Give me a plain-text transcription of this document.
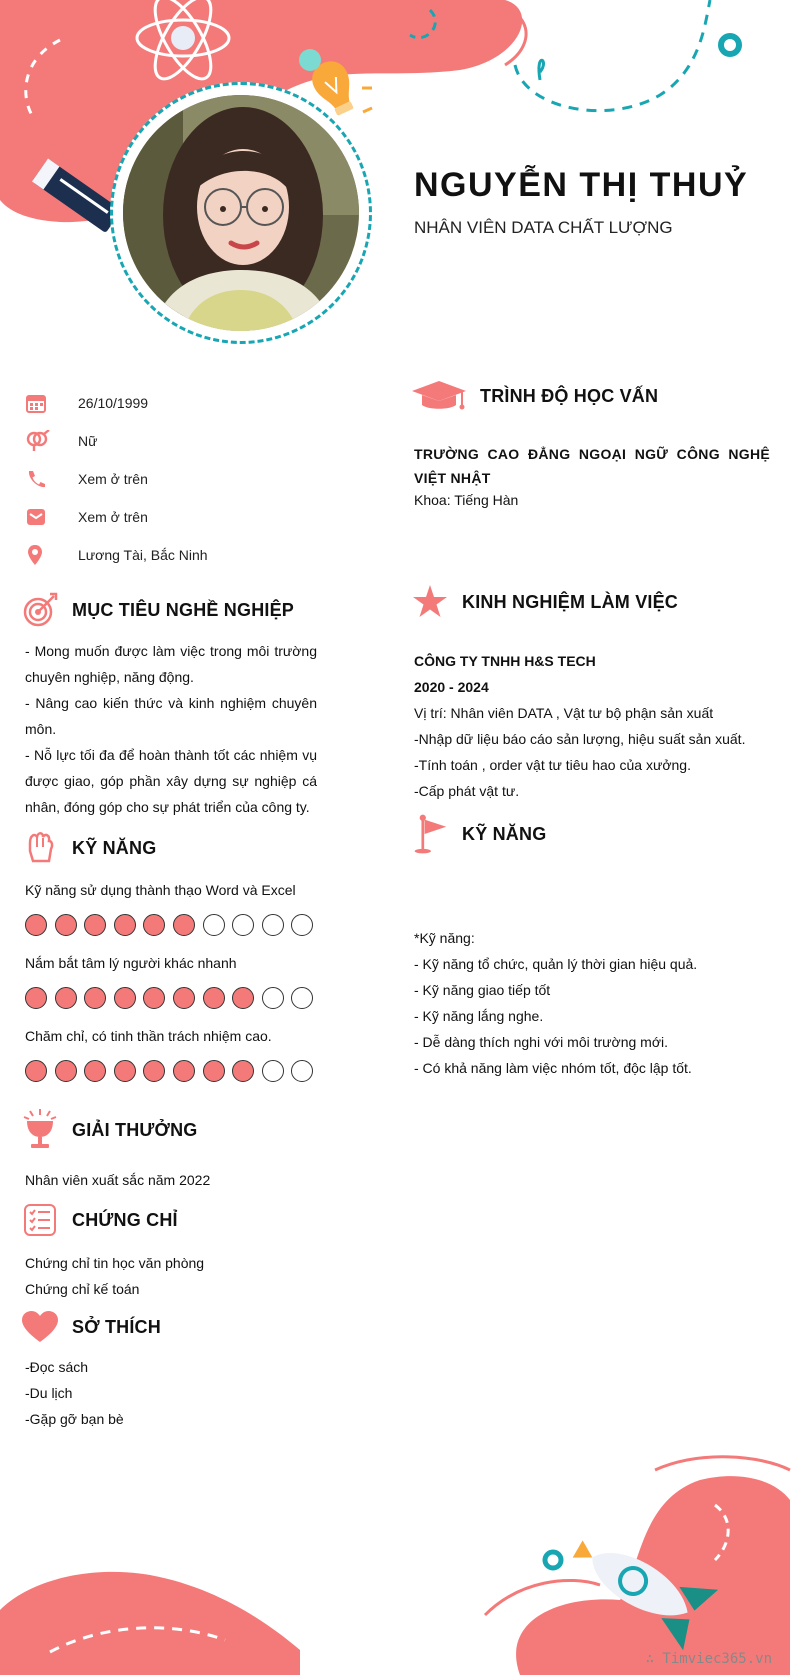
NGUYỄN THỊ THUỶ
NHÂN VIÊN DATA CHẤT LƯỢNG
26/10/1999
Nữ
Xem ở trên
Xem ở trên
Lương Tài, Bắc Ninh
MỤC TIÊU NGHỀ NGHIỆP

- Mong muốn được làm việc trong môi trường chuyên nghiệp, năng động.

- Nâng cao kiến thức và kinh nghiệm chuyên môn.

- Nỗ lực tối đa để hoàn thành tốt các nhiệm vụ được giao, góp phần xây dựng sự nghiệp cá nhân, đóng góp cho sự phát triển của công ty.

KỸ NĂNG
Kỹ năng sử dụng thành thạo Word và Excel
Nắm bắt tâm lý người khác nhanh
Chăm chỉ, có tinh thần trách nhiệm cao.
GIẢI THƯỞNG
Nhân viên xuất sắc năm 2022
CHỨNG CHỈ
Chứng chỉ tin học văn phòng
Chứng chỉ kế toán
SỞ THÍCH
-Đọc sách
-Du lịch
-Gặp gỡ bạn bè
TRÌNH ĐỘ HỌC VẤN
TRƯỜNG CAO ĐẲNG NGOẠI NGỮ CÔNG NGHỆ VIỆT NHẬT
Khoa: Tiếng Hàn
KINH NGHIỆM LÀM VIỆC
CÔNG TY TNHH H&S TECH
2020 - 2024
Vị trí: Nhân viên DATA , Vật tư bộ phận sản xuất
-Nhập dữ liệu báo cáo sản lượng, hiệu suất sản xuất.
-Tính toán , order vật tư tiêu hao của xưởng.
-Cấp phát vật tư.
KỸ NĂNG
*Kỹ năng:
- Kỹ năng tổ chức, quản lý thời gian hiệu quả.
- Kỹ năng giao tiếp tốt
- Kỹ năng lắng nghe.
- Dễ dàng thích nghi với môi trường mới.
- Có khả năng làm việc nhóm tốt, độc lập tốt.
∴ Timviec365.vn
